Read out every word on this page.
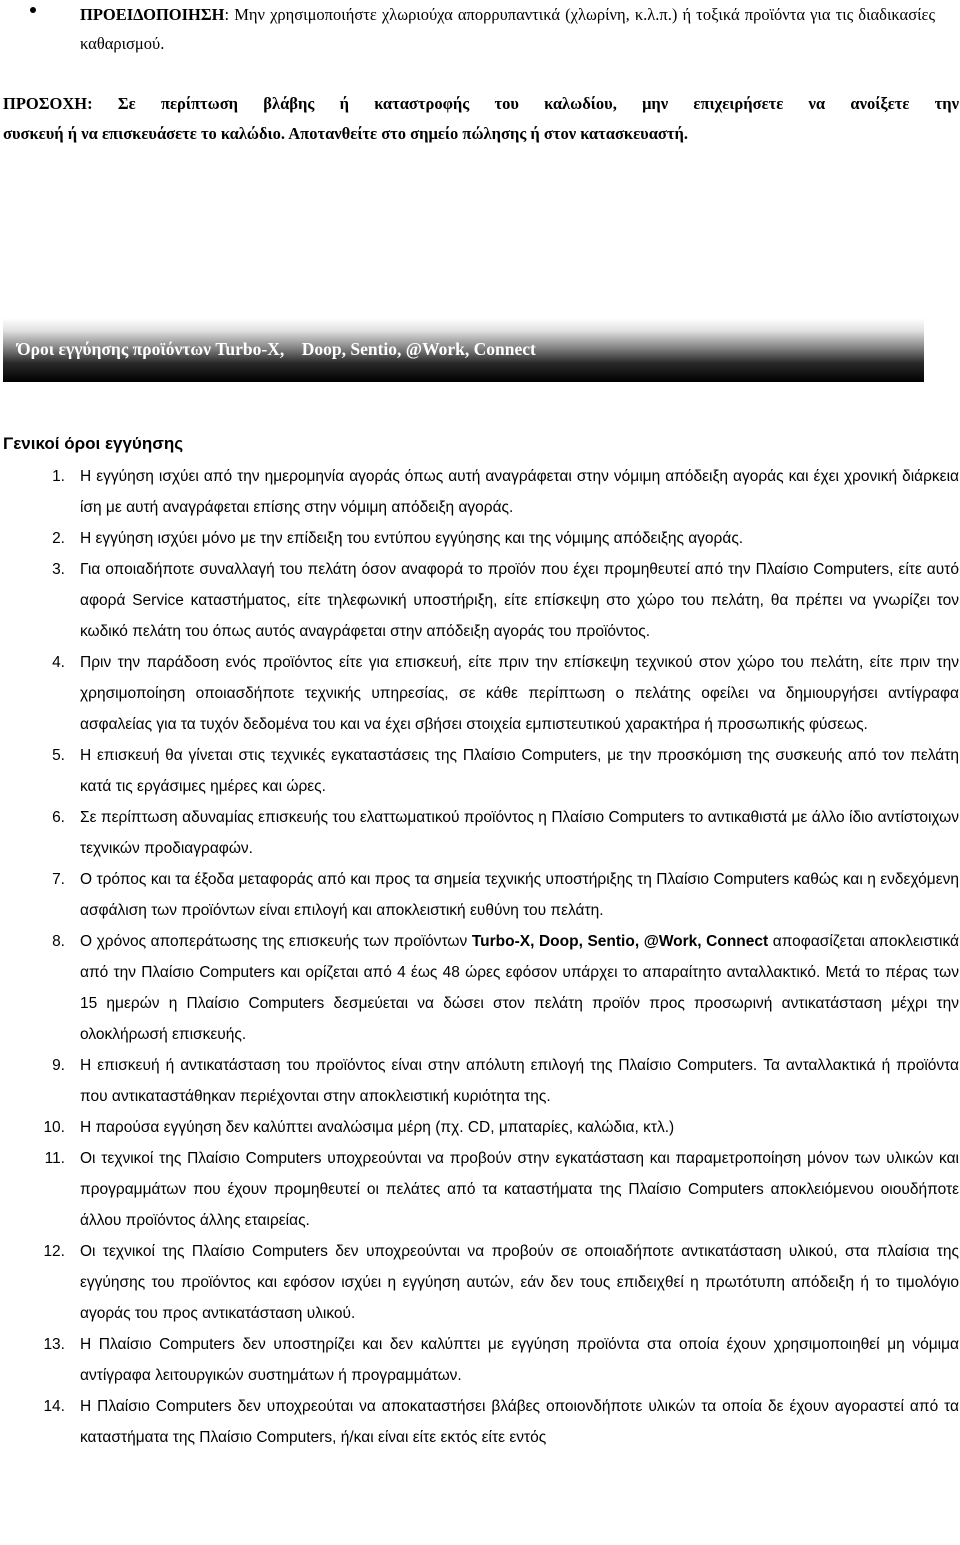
ΠΡΟΕΙΔΟΠΟΙΗΣΗ: Μην χρησιμοποιήστε χλωριούχα απορρυπαντικά (χλωρίνη, κ.λ.π.) ή τοξικά προϊόντα για τις διαδικασίες καθαρισμού.
ΠΡΟΣΟΧΗ: Σε περίπτωση βλάβης ή καταστροφής του καλωδίου, μην επιχειρήσετε να ανοίξετε την
συσκευή ή να επισκευάσετε το καλώδιο. Αποτανθείτε στο σημείο πώλησης ή στον κατασκευαστή.
Όροι εγγύησης προϊόντων Turbo-X,    Doop, Sentio, @Work, Connect
Γενικοί όροι εγγύησης
1. Η εγγύηση ισχύει από την ημερομηνία αγοράς όπως αυτή αναγράφεται στην νόμιμη απόδειξη αγοράς και έχει χρονική διάρκεια ίση με αυτή αναγράφεται επίσης στην νόμιμη απόδειξη αγοράς.
2. Η εγγύηση ισχύει μόνο με την επίδειξη του εντύπου εγγύησης και της νόμιμης απόδειξης αγοράς.
3. Για οποιαδήποτε συναλλαγή του πελάτη όσον αναφορά το προϊόν που έχει προμηθευτεί από την Πλαίσιο Computers, είτε αυτό αφορά Service καταστήματος, είτε τηλεφωνική υποστήριξη, είτε επίσκεψη στο χώρο του πελάτη, θα πρέπει να γνωρίζει τον κωδικό πελάτη του όπως αυτός αναγράφεται στην απόδειξη αγοράς του προϊόντος.
4. Πριν την παράδοση ενός προϊόντος είτε για επισκευή, είτε πριν την επίσκεψη τεχνικού στον χώρο του πελάτη, είτε πριν την χρησιμοποίηση οποιασδήποτε τεχνικής υπηρεσίας, σε κάθε περίπτωση ο πελάτης οφείλει να δημιουργήσει αντίγραφα ασφαλείας για τα τυχόν δεδομένα του και να έχει σβήσει στοιχεία εμπιστευτικού χαρακτήρα ή προσωπικής φύσεως.
5. Η επισκευή θα γίνεται στις τεχνικές εγκαταστάσεις της Πλαίσιο Computers, με την προσκόμιση της συσκευής από τον πελάτη κατά τις εργάσιμες ημέρες και ώρες.
6. Σε περίπτωση αδυναμίας επισκευής του ελαττωματικού προϊόντος η Πλαίσιο Computers το αντικαθιστά με άλλο ίδιο αντίστοιχων τεχνικών προδιαγραφών.
7. Ο τρόπος και τα έξοδα μεταφοράς από και προς τα σημεία τεχνικής υποστήριξης τη Πλαίσιο Computers καθώς και η ενδεχόμενη ασφάλιση των προϊόντων είναι επιλογή και αποκλειστική ευθύνη του πελάτη.
8. Ο χρόνος αποπεράτωσης της επισκευής των προϊόντων Turbo-X, Doop, Sentio, @Work, Connect αποφασίζεται αποκλειστικά από την Πλαίσιο Computers και ορίζεται από 4 έως 48 ώρες εφόσον υπάρχει το απαραίτητο ανταλλακτικό. Μετά το πέρας των 15 ημερών η Πλαίσιο Computers δεσμεύεται να δώσει στον πελάτη προϊόν προς προσωρινή αντικατάσταση μέχρι την ολοκλήρωσή επισκευής.
9. Η επισκευή ή αντικατάσταση του προϊόντος είναι στην απόλυτη επιλογή της Πλαίσιο Computers. Τα ανταλλακτικά ή προϊόντα που αντικαταστάθηκαν περιέχονται στην αποκλειστική κυριότητα της.
10. Η παρούσα εγγύηση δεν καλύπτει αναλώσιμα μέρη (πχ. CD, μπαταρίες, καλώδια, κτλ.)
11. Οι τεχνικοί της Πλαίσιο Computers υποχρεούνται να προβούν στην εγκατάσταση και παραμετροποίηση μόνον των υλικών και προγραμμάτων που έχουν προμηθευτεί οι πελάτες από τα καταστήματα της Πλαίσιο Computers αποκλειόμενου οιουδήποτε άλλου προϊόντος άλλης εταιρείας.
12. Οι τεχνικοί της Πλαίσιο Computers δεν υποχρεούνται να προβούν σε οποιαδήποτε αντικατάσταση υλικού, στα πλαίσια της εγγύησης του προϊόντος και εφόσον ισχύει η εγγύηση αυτών, εάν δεν τους επιδειχθεί η πρωτότυπη απόδειξη ή το τιμολόγιο αγοράς του προς αντικατάσταση υλικού.
13. Η Πλαίσιο Computers δεν υποστηρίζει και δεν καλύπτει με εγγύηση προϊόντα στα οποία έχουν χρησιμοποιηθεί μη νόμιμα αντίγραφα λειτουργικών συστημάτων ή προγραμμάτων.
14. Η Πλαίσιο Computers δεν υποχρεούται να αποκαταστήσει βλάβες οποιονδήποτε υλικών τα οποία δε έχουν αγοραστεί από τα καταστήματα της Πλαίσιο Computers, ή/και είναι είτε εκτός είτε εντός
